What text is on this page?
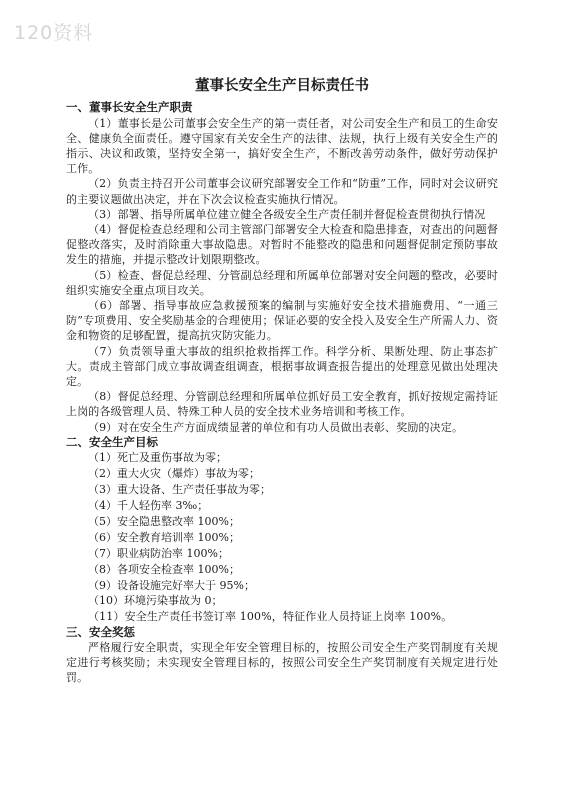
120资料
董事长安全生产目标责任书
一、董事长安全生产职责
（1）董事长是公司董事会安全生产的第一责任者，对公司安全生产和员工的生命安全、健康负全面责任。遵守国家有关安全生产的法律、法规，执行上级有关安全生产的指示、决议和政策，坚持安全第一，搞好安全生产，不断改善劳动条件，做好劳动保护工作。
（2）负责主持召开公司董事会议研究部署安全工作和“防重”工作，同时对会议研究的主要议题做出决定，并在下次会议检查实施执行情况。
（3）部署、指导所属单位建立健全各级安全生产责任制并督促检查贯彻执行情况
（4）督促检查总经理和公司主管部门部署安全大检查和隐患排查，对查出的问题督促整改落实，及时消除重大事故隐患。对暂时不能整改的隐患和问题督促制定预防事故发生的措施，并提示整改计划限期整改。
（5）检查、督促总经理、分管副总经理和所属单位部署对安全问题的整改，必要时组织实施安全重点项目攻关。
（6）部署、指导事故应急救援预案的编制与实施好安全技术措施费用、“一通三防”专项费用、安全奖励基金的合理使用；保证必要的安全投入及安全生产所需人力、资金和物资的足够配置，提高抗灾防灾能力。
（7）负责领导重大事故的组织抢救指挥工作。科学分析、果断处理、防止事态扩大。责成主管部门成立事故调查组调查，根据事故调查报告提出的处理意见做出处理决定。
（8）督促总经理、分管副总经理和所属单位抓好员工安全教育，抓好按规定需持证上岗的各级管理人员、特殊工种人员的安全技术业务培训和考核工作。
（9）对在安全生产方面成绩显著的单位和有功人员做出表彰、奖励的决定。
二、安全生产目标
（1）死亡及重伤事故为零；
（2）重大火灾（爆炸）事故为零；
（3）重大设备、生产责任事故为零；
（4）千人轻伤率 3‰；
（5）安全隐患整改率 100%；
（6）安全教育培训率 100%；
（7）职业病防治率 100%；
（8）各项安全检查率 100%；
（9）设备设施完好率大于 95%；
（10）环境污染事故为 0；
（11）安全生产责任书签订率 100%，特征作业人员持证上岗率 100%。
三、安全奖惩
严格履行安全职责，实现全年安全管理目标的，按照公司安全生产奖罚制度有关规定进行考核奖励；未实现安全管理目标的，按照公司安全生产奖罚制度有关规定进行处罚。
